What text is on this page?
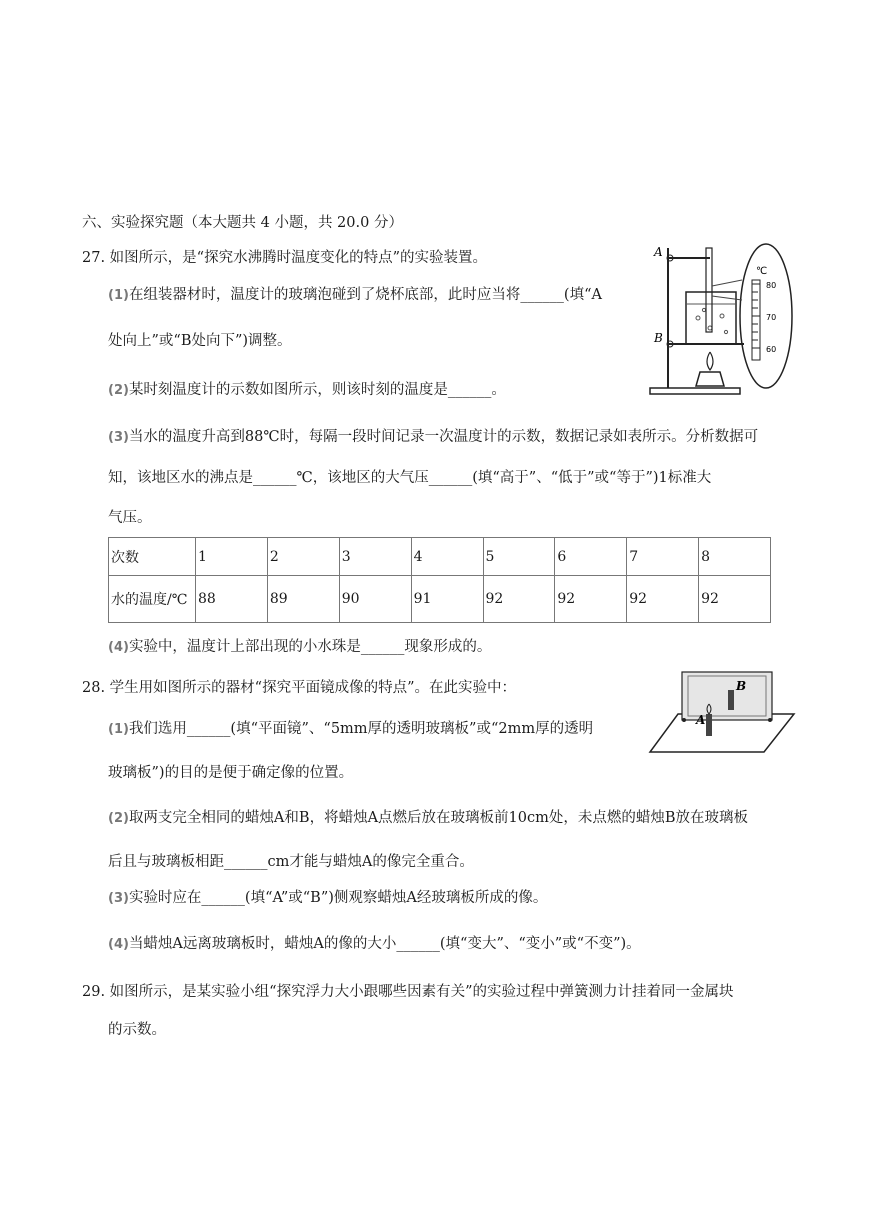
六、实验探究题（本大题共 4 小题，共 20.0 分）
27. 如图所示，是“探究水沸腾时温度变化的特点”的实验装置。
(1)在组装器材时，温度计的玻璃泡碰到了烧杯底部，此时应当将______(填“A
处向上”或“B处向下”)调整。
(2)某时刻温度计的示数如图所示，则该时刻的温度是______。
(3)当水的温度升高到88℃时，每隔一段时间记录一次温度计的示数，数据记录如表所示。分析数据可
知，该地区水的沸点是______℃，该地区的大气压______(填“高于”、“低于”或“等于”)1标准大
气压。
次数	1	2	3	4	5	6	7	8
水的温度/℃	88	89	90	91	92	92	92	92
(4)实验中，温度计上部出现的小水珠是______现象形成的。
A
B
℃
80
70
60
28. 学生用如图所示的器材“探究平面镜成像的特点”。在此实验中：
(1)我们选用______(填“平面镜”、“5mm厚的透明玻璃板”或“2mm厚的透明
玻璃板”)的目的是便于确定像的位置。
(2)取两支完全相同的蜡烛A和B，将蜡烛A点燃后放在玻璃板前10cm处，未点燃的蜡烛B放在玻璃板
后且与玻璃板相距______cm才能与蜡烛A的像完全重合。
(3)实验时应在______(填“A”或“B”)侧观察蜡烛A经玻璃板所成的像。
(4)当蜡烛A远离玻璃板时，蜡烛A的像的大小______(填“变大”、“变小”或“不变”)。
B
A
29. 如图所示，是某实验小组“探究浮力大小跟哪些因素有关”的实验过程中弹簧测力计挂着同一金属块
的示数。
